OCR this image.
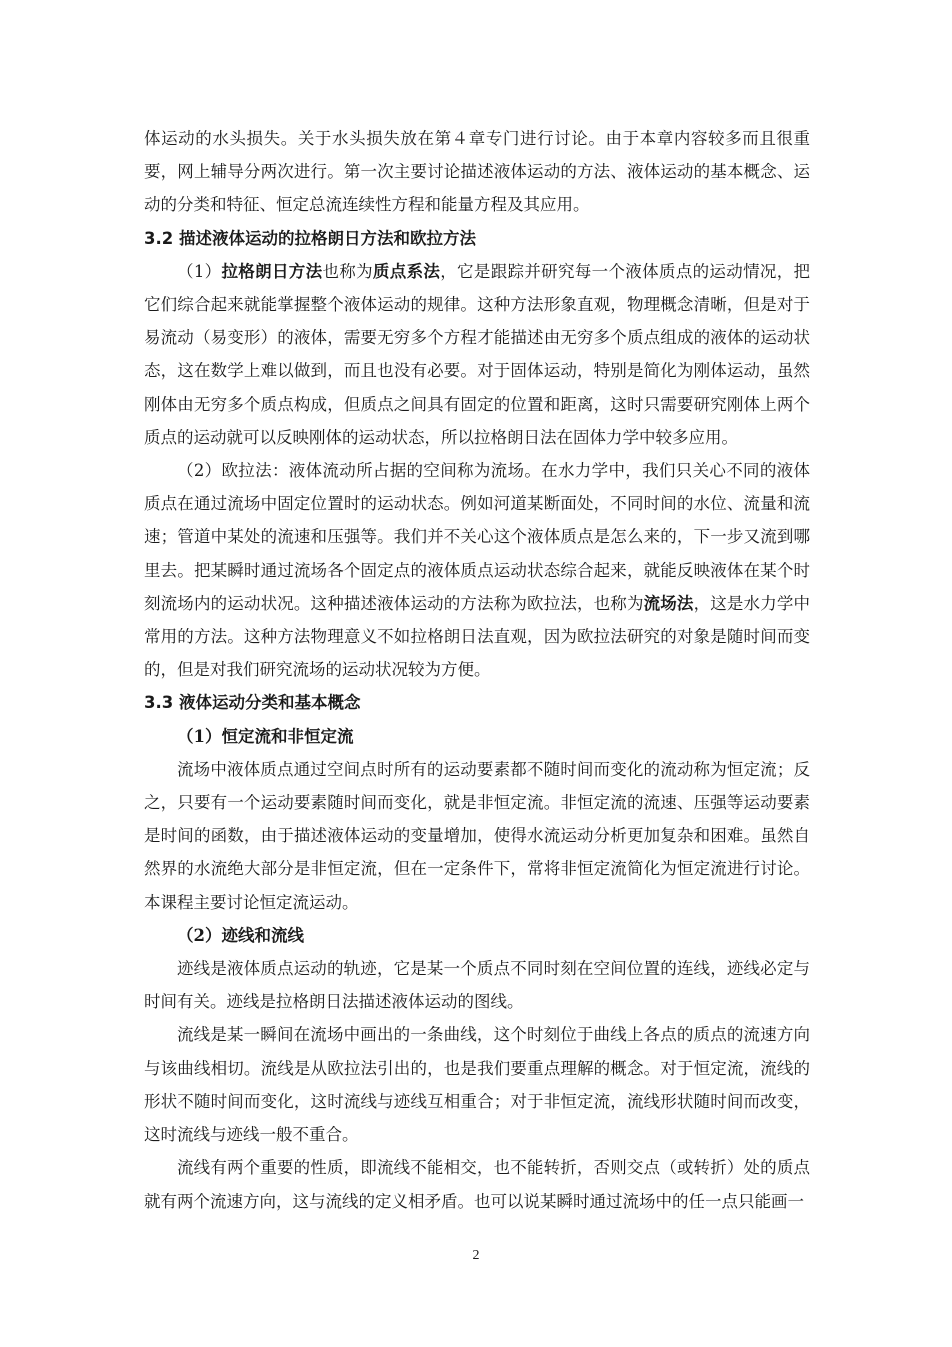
体运动的水头损失。关于水头损失放在第４章专门进行讨论。由于本章内容较多而且很重要，网上辅导分两次进行。第一次主要讨论描述液体运动的方法、液体运动的基本概念、运动的分类和特征、恒定总流连续性方程和能量方程及其应用。

3.2 描述液体运动的拉格朗日方法和欧拉方法

（1）拉格朗日方法也称为质点系法，它是跟踪并研究每一个液体质点的运动情况，把它们综合起来就能掌握整个液体运动的规律。这种方法形象直观，物理概念清晰，但是对于易流动（易变形）的液体，需要无穷多个方程才能描述由无穷多个质点组成的液体的运动状态，这在数学上难以做到，而且也没有必要。对于固体运动，特别是简化为刚体运动，虽然刚体由无穷多个质点构成，但质点之间具有固定的位置和距离，这时只需要研究刚体上两个质点的运动就可以反映刚体的运动状态，所以拉格朗日法在固体力学中较多应用。

（2）欧拉法：液体流动所占据的空间称为流场。在水力学中，我们只关心不同的液体质点在通过流场中固定位置时的运动状态。例如河道某断面处，不同时间的水位、流量和流速；管道中某处的流速和压强等。我们并不关心这个液体质点是怎么来的，下一步又流到哪里去。把某瞬时通过流场各个固定点的液体质点运动状态综合起来，就能反映液体在某个时刻流场内的运动状况。这种描述液体运动的方法称为欧拉法，也称为流场法，这是水力学中常用的方法。这种方法物理意义不如拉格朗日法直观，因为欧拉法研究的对象是随时间而变的，但是对我们研究流场的运动状况较为方便。

3.3 液体运动分类和基本概念
（1）恒定流和非恒定流

流场中液体质点通过空间点时所有的运动要素都不随时间而变化的流动称为恒定流；反之，只要有一个运动要素随时间而变化，就是非恒定流。非恒定流的流速、压强等运动要素是时间的函数，由于描述液体运动的变量增加，使得水流运动分析更加复杂和困难。虽然自然界的水流绝大部分是非恒定流，但在一定条件下，常将非恒定流简化为恒定流进行讨论。本课程主要讨论恒定流运动。

（2）迹线和流线

迹线是液体质点运动的轨迹，它是某一个质点不同时刻在空间位置的连线，迹线必定与时间有关。迹线是拉格朗日法描述液体运动的图线。

流线是某一瞬间在流场中画出的一条曲线，这个时刻位于曲线上各点的质点的流速方向与该曲线相切。流线是从欧拉法引出的，也是我们要重点理解的概念。对于恒定流，流线的形状不随时间而变化，这时流线与迹线互相重合；对于非恒定流，流线形状随时间而改变，这时流线与迹线一般不重合。

流线有两个重要的性质，即流线不能相交，也不能转折，否则交点（或转折）处的质点就有两个流速方向，这与流线的定义相矛盾。也可以说某瞬时通过流场中的任一点只能画一

2
